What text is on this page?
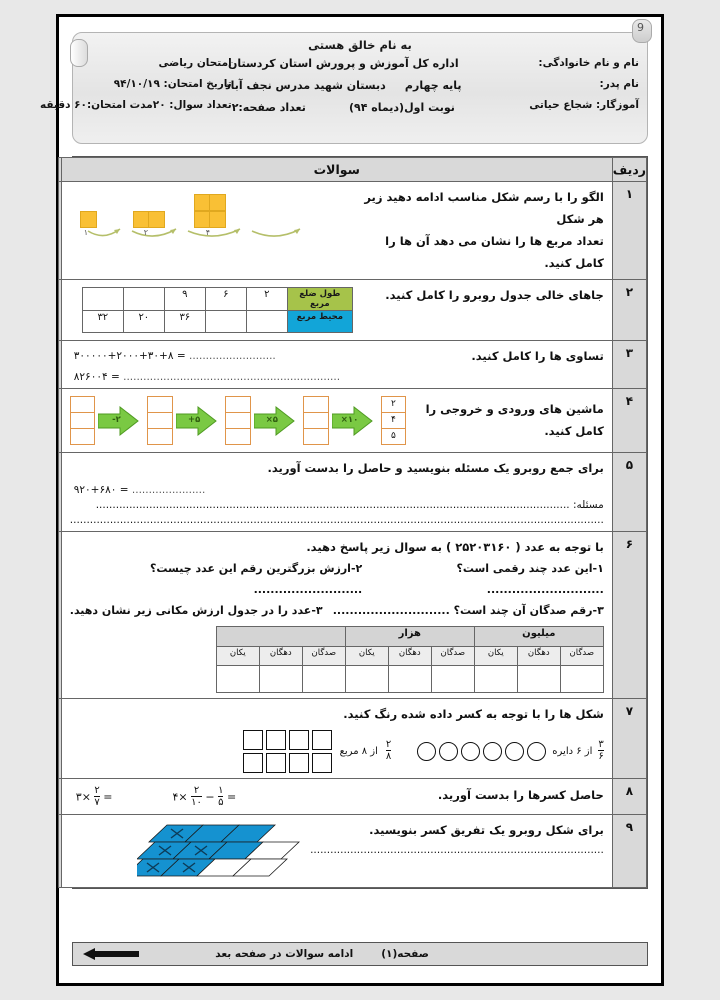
9
به نام خالق هستی
نام و نام خانوادگی:
نام پدر:
آموزگار: شجاع حیاتی
اداره کل آموزش و پرورش استان کردستان
پایه چهارم     دبستان شهید مدرس نجف آباد
نوبت اول(دیماه ۹۴)
تعداد صفحه:۲
امتحان ریاضی
تاریخ امتحان: ۹۴/۱۰/۱۹
تعداد سوال: ۲۰
مدت امتحان:۶۰ دقیقه
ردیف	سوالات	
۱	
الگو را با رسم شکل مناسب ادامه دهید زیر هر شکل
تعداد مربع ها را نشان می دهد آن ها را کامل کنید.
۱	۲	۴

۲	
جاهای خالی جدول روبرو را کامل کنید.
طول ضلع مربع	۲	۶	۹		
محیط مربع			۳۶	۲۰	۳۲

۳	
تساوی ها را کامل کنید.
۳۰۰۰۰۰+۲۰۰۰+۳۰+۸ = ..........................
۸۲۶۰۰۴ = .................................................................

۴	
ماشین های ورودی و خروجی را
کامل کنید.
-۲	+۵	×۵	×۱۰
۲
۴
۵

۵	
برای جمع روبرو یک مسئله بنویسید و حاصل را بدست آورید.
۹۲۰+۶۸۰ = ......................
مسئله: ..............................................................................................................................................
................................................................................................................................................................

۶	
با توجه به عدد ( ۲۵۲۰۳۱۶۰ ) به سوال زیر پاسخ دهید.
۱-این عدد چند رقمی است؟ ............................
۲-ارزش بزرگترین رقم این عدد چیست؟ ..........................
۳-رقم صدگان آن چند است؟ ............................
۳-عدد را در جدول ارزش مکانی زیر نشان دهید.
میلیون	هزار	
صدگان	دهگان	یکان	صدگان	دهگان	یکان	صدگان	دهگان	یکان

۷	
شکل ها را با توجه به کسر داده شده رنگ کنید.
$\frac{۳}{۶}$
از ۶ دایره
$\frac{۲}{۸}$
از ۸ مربع

۸	
حاصل کسرها را بدست آورید.
۳× $\frac{۲}{۷}$ =	۴× $\frac{۲}{۱۰} - \frac{۱}{۵}$ =

۹	
برای شکل روبرو یک تفریق کسر بنویسید.
........................................................................................

صفحه(۱)
ادامه سوالات در صفحه بعد
